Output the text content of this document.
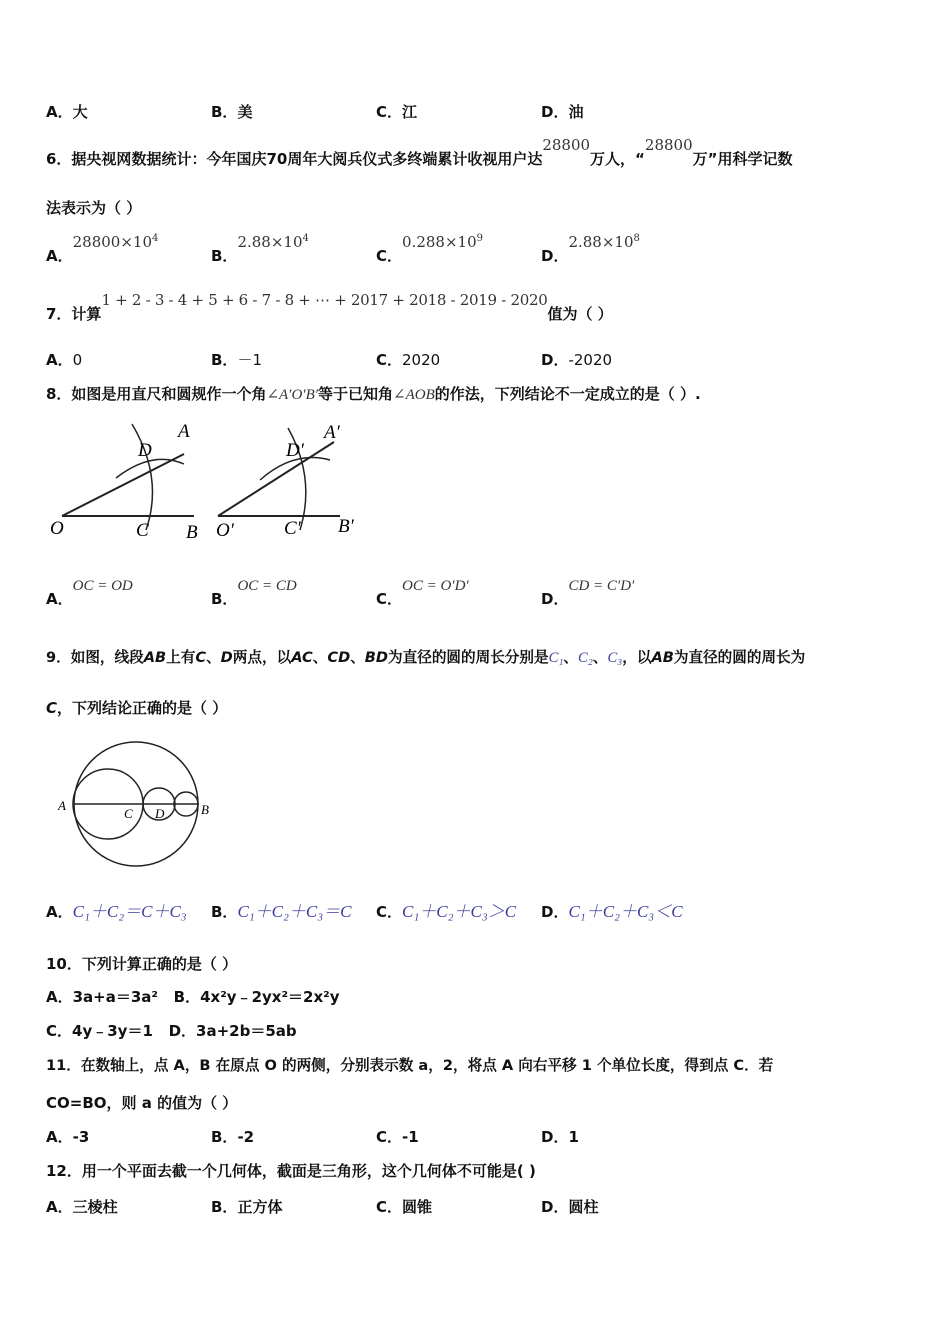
A．大	B．美	C．江	D．油
6．据央视网数据统计：今年国庆70周年大阅兵仪式多终端累计收视用户达28800万人，“28800万”用科学记数
法表示为（ ）
A．$28800\times 10^4$
B．$2.88\times 10^4$
C．$0.288\times 10^9$
D．$2.88\times 10^8$
7．计算1 + 2 - 3 - 4 + 5 + 6 - 7 - 8 + ⋯ + 2017 + 2018 - 2019 - 2020值为（ ）
A．0	B．－1	C．2020	D．-2020
8．如图是用直尺和圆规作一个角∠A′O′B′等于已知角∠AOB的作法，下列结论不一定成立的是（ ）.
O	C B
D
A
O′	C′ B′
D′
A′
A．OC = OD
B．OC = CD
C．OC = O′D′
D．CD = C′D′
9．如图，线段AB上有C、D两点，以AC、CD、BD为直径的圆的周长分别是C₁、C₂、C₃，以AB为直径的圆的周长为
C，下列结论正确的是（ ）
A	B
C D
A．C₁＋C₂＝C＋C₃ B．C₁＋C₂＋C₃＝C C．C₁＋C₂＋C₃＞C D．C₁＋C₂＋C₃＜C
10．下列计算正确的是（ ）
A．3a+a＝3a² B．4x²y﹣2yx²＝2x²y
C．4y﹣3y＝1 D．3a+2b＝5ab
11．在数轴上，点 A，B 在原点 O 的两侧，分别表示数 a，2，将点 A 向右平移 1 个单位长度，得到点 C．若
CO=BO，则 a 的值为（ ）
A．-3	B．-2	C．-1	D．1
12．用一个平面去截一个几何体，截面是三角形，这个几何体不可能是( )
A．三棱柱	B．正方体	C．圆锥	D．圆柱
